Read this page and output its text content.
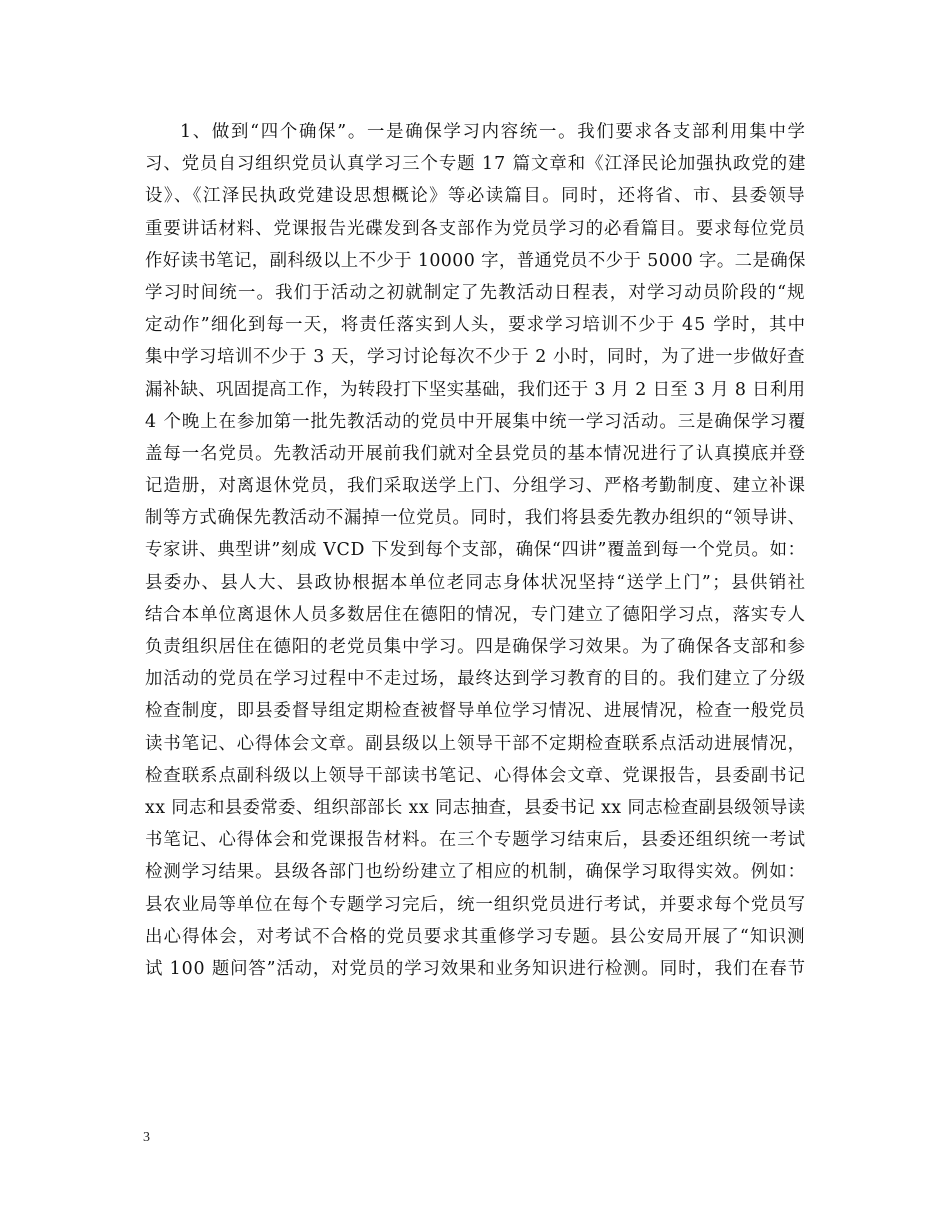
1、做到“四个确保”。一是确保学习内容统一。我们要求各支部利用集中学
习、党员自习组织党员认真学习三个专题 17 篇文章和《江泽民论加强执政党的建
设》、《江泽民执政党建设思想概论》等必读篇目。同时，还将省、市、县委领导
重要讲话材料、党课报告光碟发到各支部作为党员学习的必看篇目。要求每位党员
作好读书笔记，副科级以上不少于 10000 字，普通党员不少于 5000 字。二是确保
学习时间统一。我们于活动之初就制定了先教活动日程表，对学习动员阶段的“规
定动作”细化到每一天，将责任落实到人头，要求学习培训不少于 45 学时，其中
集中学习培训不少于 3 天，学习讨论每次不少于 2 小时，同时，为了进一步做好查
漏补缺、巩固提高工作，为转段打下坚实基础，我们还于 3 月 2 日至 3 月 8 日利用
4 个晚上在参加第一批先教活动的党员中开展集中统一学习活动。三是确保学习覆
盖每一名党员。先教活动开展前我们就对全县党员的基本情况进行了认真摸底并登
记造册，对离退休党员，我们采取送学上门、分组学习、严格考勤制度、建立补课
制等方式确保先教活动不漏掉一位党员。同时，我们将县委先教办组织的“领导讲、
专家讲、典型讲”刻成 VCD 下发到每个支部，确保“四讲”覆盖到每一个党员。如：
县委办、县人大、县政协根据本单位老同志身体状况坚持“送学上门”；县供销社
结合本单位离退休人员多数居住在德阳的情况，专门建立了德阳学习点，落实专人
负责组织居住在德阳的老党员集中学习。四是确保学习效果。为了确保各支部和参
加活动的党员在学习过程中不走过场，最终达到学习教育的目的。我们建立了分级
检查制度，即县委督导组定期检查被督导单位学习情况、进展情况，检查一般党员
读书笔记、心得体会文章。副县级以上领导干部不定期检查联系点活动进展情况，
检查联系点副科级以上领导干部读书笔记、心得体会文章、党课报告，县委副书记
xx 同志和县委常委、组织部部长 xx 同志抽查，县委书记 xx 同志检查副县级领导读
书笔记、心得体会和党课报告材料。在三个专题学习结束后，县委还组织统一考试
检测学习结果。县级各部门也纷纷建立了相应的机制，确保学习取得实效。例如：
县农业局等单位在每个专题学习完后，统一组织党员进行考试，并要求每个党员写
出心得体会，对考试不合格的党员要求其重修学习专题。县公安局开展了“知识测
试 100 题问答”活动，对党员的学习效果和业务知识进行检测。同时，我们在春节
3
